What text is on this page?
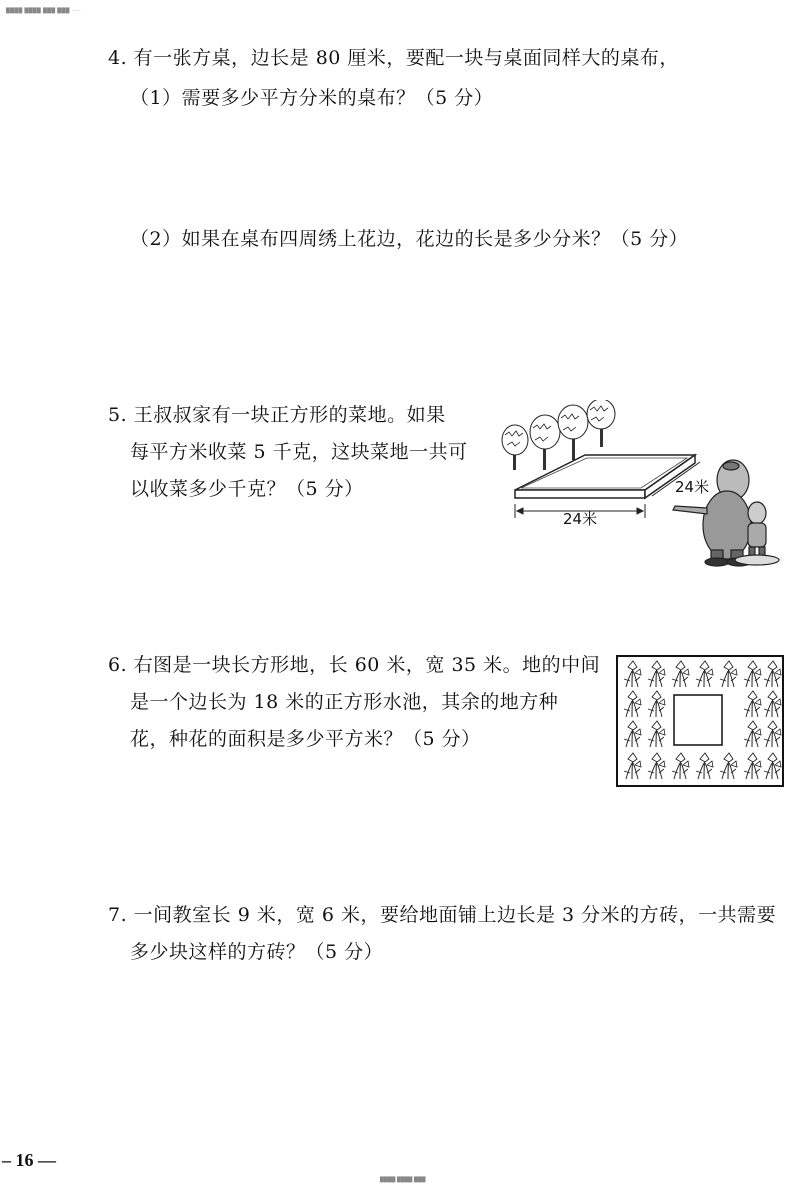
████ ████ ███ ███ ·····
4. 有一张方桌，边长是 80 厘米，要配一块与桌面同样大的桌布，
（1）需要多少平方分米的桌布？（5 分）
（2）如果在桌布四周绣上花边，花边的长是多少分米？（5 分）
5. 王叔叔家有一块正方形的菜地。如果
每平方米收菜 5 千克，这块菜地一共可
以收菜多少千克？（5 分）	24米
24米
6. 右图是一块长方形地，长 60 米，宽 35 米。地的中间
是一个边长为 18 米的正方形水池，其余的地方种
花，种花的面积是多少平方米？（5 分）
7. 一间教室长 9 米，宽 6 米，要给地面铺上边长是 3 分米的方砖，一共需要
多少块这样的方砖？（5 分）
– 16 —
████ ████ ███
